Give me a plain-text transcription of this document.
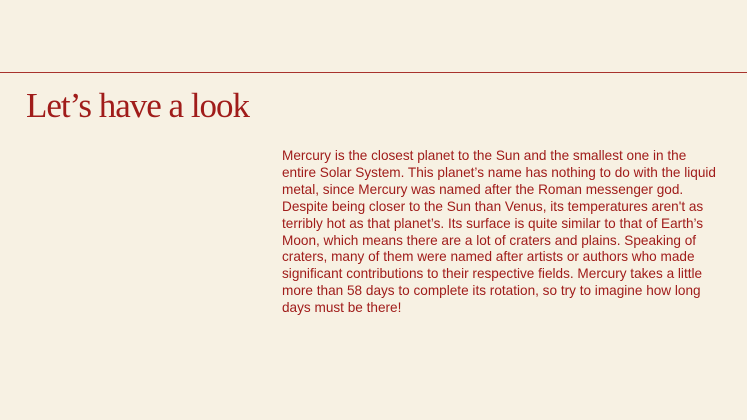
Let’s have a look

Mercury is the closest planet to the Sun and the smallest one in the entire Solar System. This planet’s name has nothing to do with the liquid metal, since Mercury was named after the Roman messenger god. Despite being closer to the Sun than Venus, its temperatures aren't as terribly hot as that planet’s. Its surface is quite similar to that of Earth’s Moon, which means there are a lot of craters and plains. Speaking of craters, many of them were named after artists or authors who made significant contributions to their respective fields. Mercury takes a little more than 58 days to complete its rotation, so try to imagine how long days must be there!
